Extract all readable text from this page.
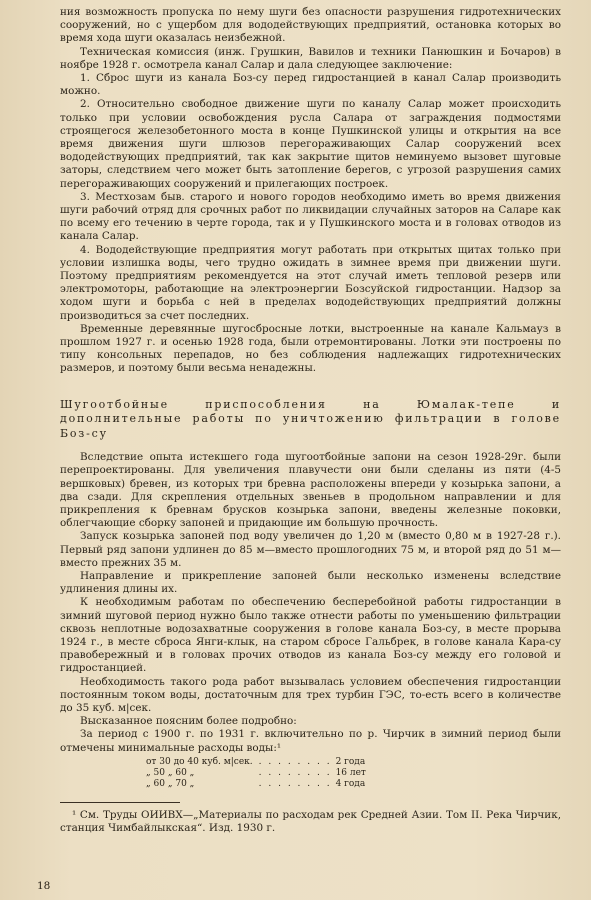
ния возможность пропуска по нему шуги без опасности разрушения гидротехнических сооружений, но с ущербом для вододействующих предприятий, остановка которых во время хода шуги оказалась неизбежной.

Техническая комиссия (инж. Грушкин, Вавилов и техники Панюшкин и Бочаров) в ноябре 1928 г. осмотрела канал Салар и дала следующее заключение:

1. Сброс шуги из канала Боз-су перед гидростанцией в канал Салар производить можно.

2. Относительно свободное движение шуги по каналу Салар может происходить только при условии освобождения русла Салара от заграждения подмостями строящегося железобетонного моста в конце Пушкинской улицы и открытия на все время движения шуги шлюзов перегораживающих Салар сооружений всех вододействующих предприятий, так как закрытие щитов неминуемо вызовет шуговые заторы, следствием чего может быть затопление берегов, с угрозой разрушения самих перегораживающих сооружений и прилегающих построек.

3. Местхозам быв. старого и нового городов необходимо иметь во время движения шуги рабочий отряд для срочных работ по ликвидации случайных заторов на Саларе как по всему его течению в черте города, так и у Пушкинского моста и в головах отводов из канала Салар.

4. Вододействующие предприятия могут работать при открытых щитах только при условии излишка воды, чего трудно ожидать в зимнее время при движении шуги. Поэтому предприятиям рекомендуется на этот случай иметь тепловой резерв или электромоторы, работающие на электроэнергии Бозсуйской гидростанции. Надзор за ходом шуги и борьба с ней в пределах вододействующих предприятий должны производиться за счет последних.

Временные деревянные шугосбросные лотки, выстроенные на канале Кальмауз в прошлом 1927 г. и осенью 1928 года, были отремонтированы. Лотки эти построены по типу консольных перепадов, но без соблюдения надлежащих гидротехнических размеров, и поэтому были весьма ненадежны.

Шугоотбойные приспособления на Юмалак-тепе и дополнительные работы по уничтожению фильтрации в голове Боз-су

Вследствие опыта истекшего года шугоотбойные запони на сезон 1928-29г. были перепроектированы. Для увеличения плавучести они были сделаны из пяти (4-5 вершковых) бревен, из которых три бревна расположены впереди у козырька запони, а два сзади. Для скрепления отдельных звеньев в продольном направлении и для прикрепления к бревнам брусков козырька запони, введены железные поковки, облегчающие сборку запоней и придающие им большую прочность.

Запуск козырька запоней под воду увеличен до 1,20 м (вместо 0,80 м в 1927-28 г.). Первый ряд запони удлинен до 85 м—вместо прошлогодних 75 м, и второй ряд до 51 м—вместо прежних 35 м.

Направление и прикрепление запоней были несколько изменены вследствие удлинения длины их.

К необходимым работам по обеспечению бесперебойной работы гидростанции в зимний шуговой период нужно было также отнести работы по уменьшению фильтрации сквозь неплотные водозахватные сооружения в голове канала Боз-су, в месте прорыва 1924 г., в месте сброса Янги-клык, на старом сбросе Гальбрек, в голове канала Кара-су правобережный и в головах прочих отводов из канала Боз-су между его головой и гидростанцией.

Необходимость такого рода работ вызывалась условием обеспечения гидростанции постоянным током воды, достаточным для трех турбин ГЭС, то-есть всего в количестве до 35 куб. м|сек.

Высказанное поясним более подробно:

За период с 1900 г. по 1931 г. включительно по р. Чирчик в зимний период были отмечены минимальные расходы воды:¹

от 30 до 40 куб. м|сек.	. . . . . . . .	2 года
„ 50 „ 60 „	. . . . . . . .	16 лет
„ 60 „ 70 „	. . . . . . . .	4 года

¹ См. Труды ОИИВХ—„Материалы по расходам рек Средней Азии. Том II. Река Чирчик, станция Чимбайлыкская“. Изд. 1930 г.

18
